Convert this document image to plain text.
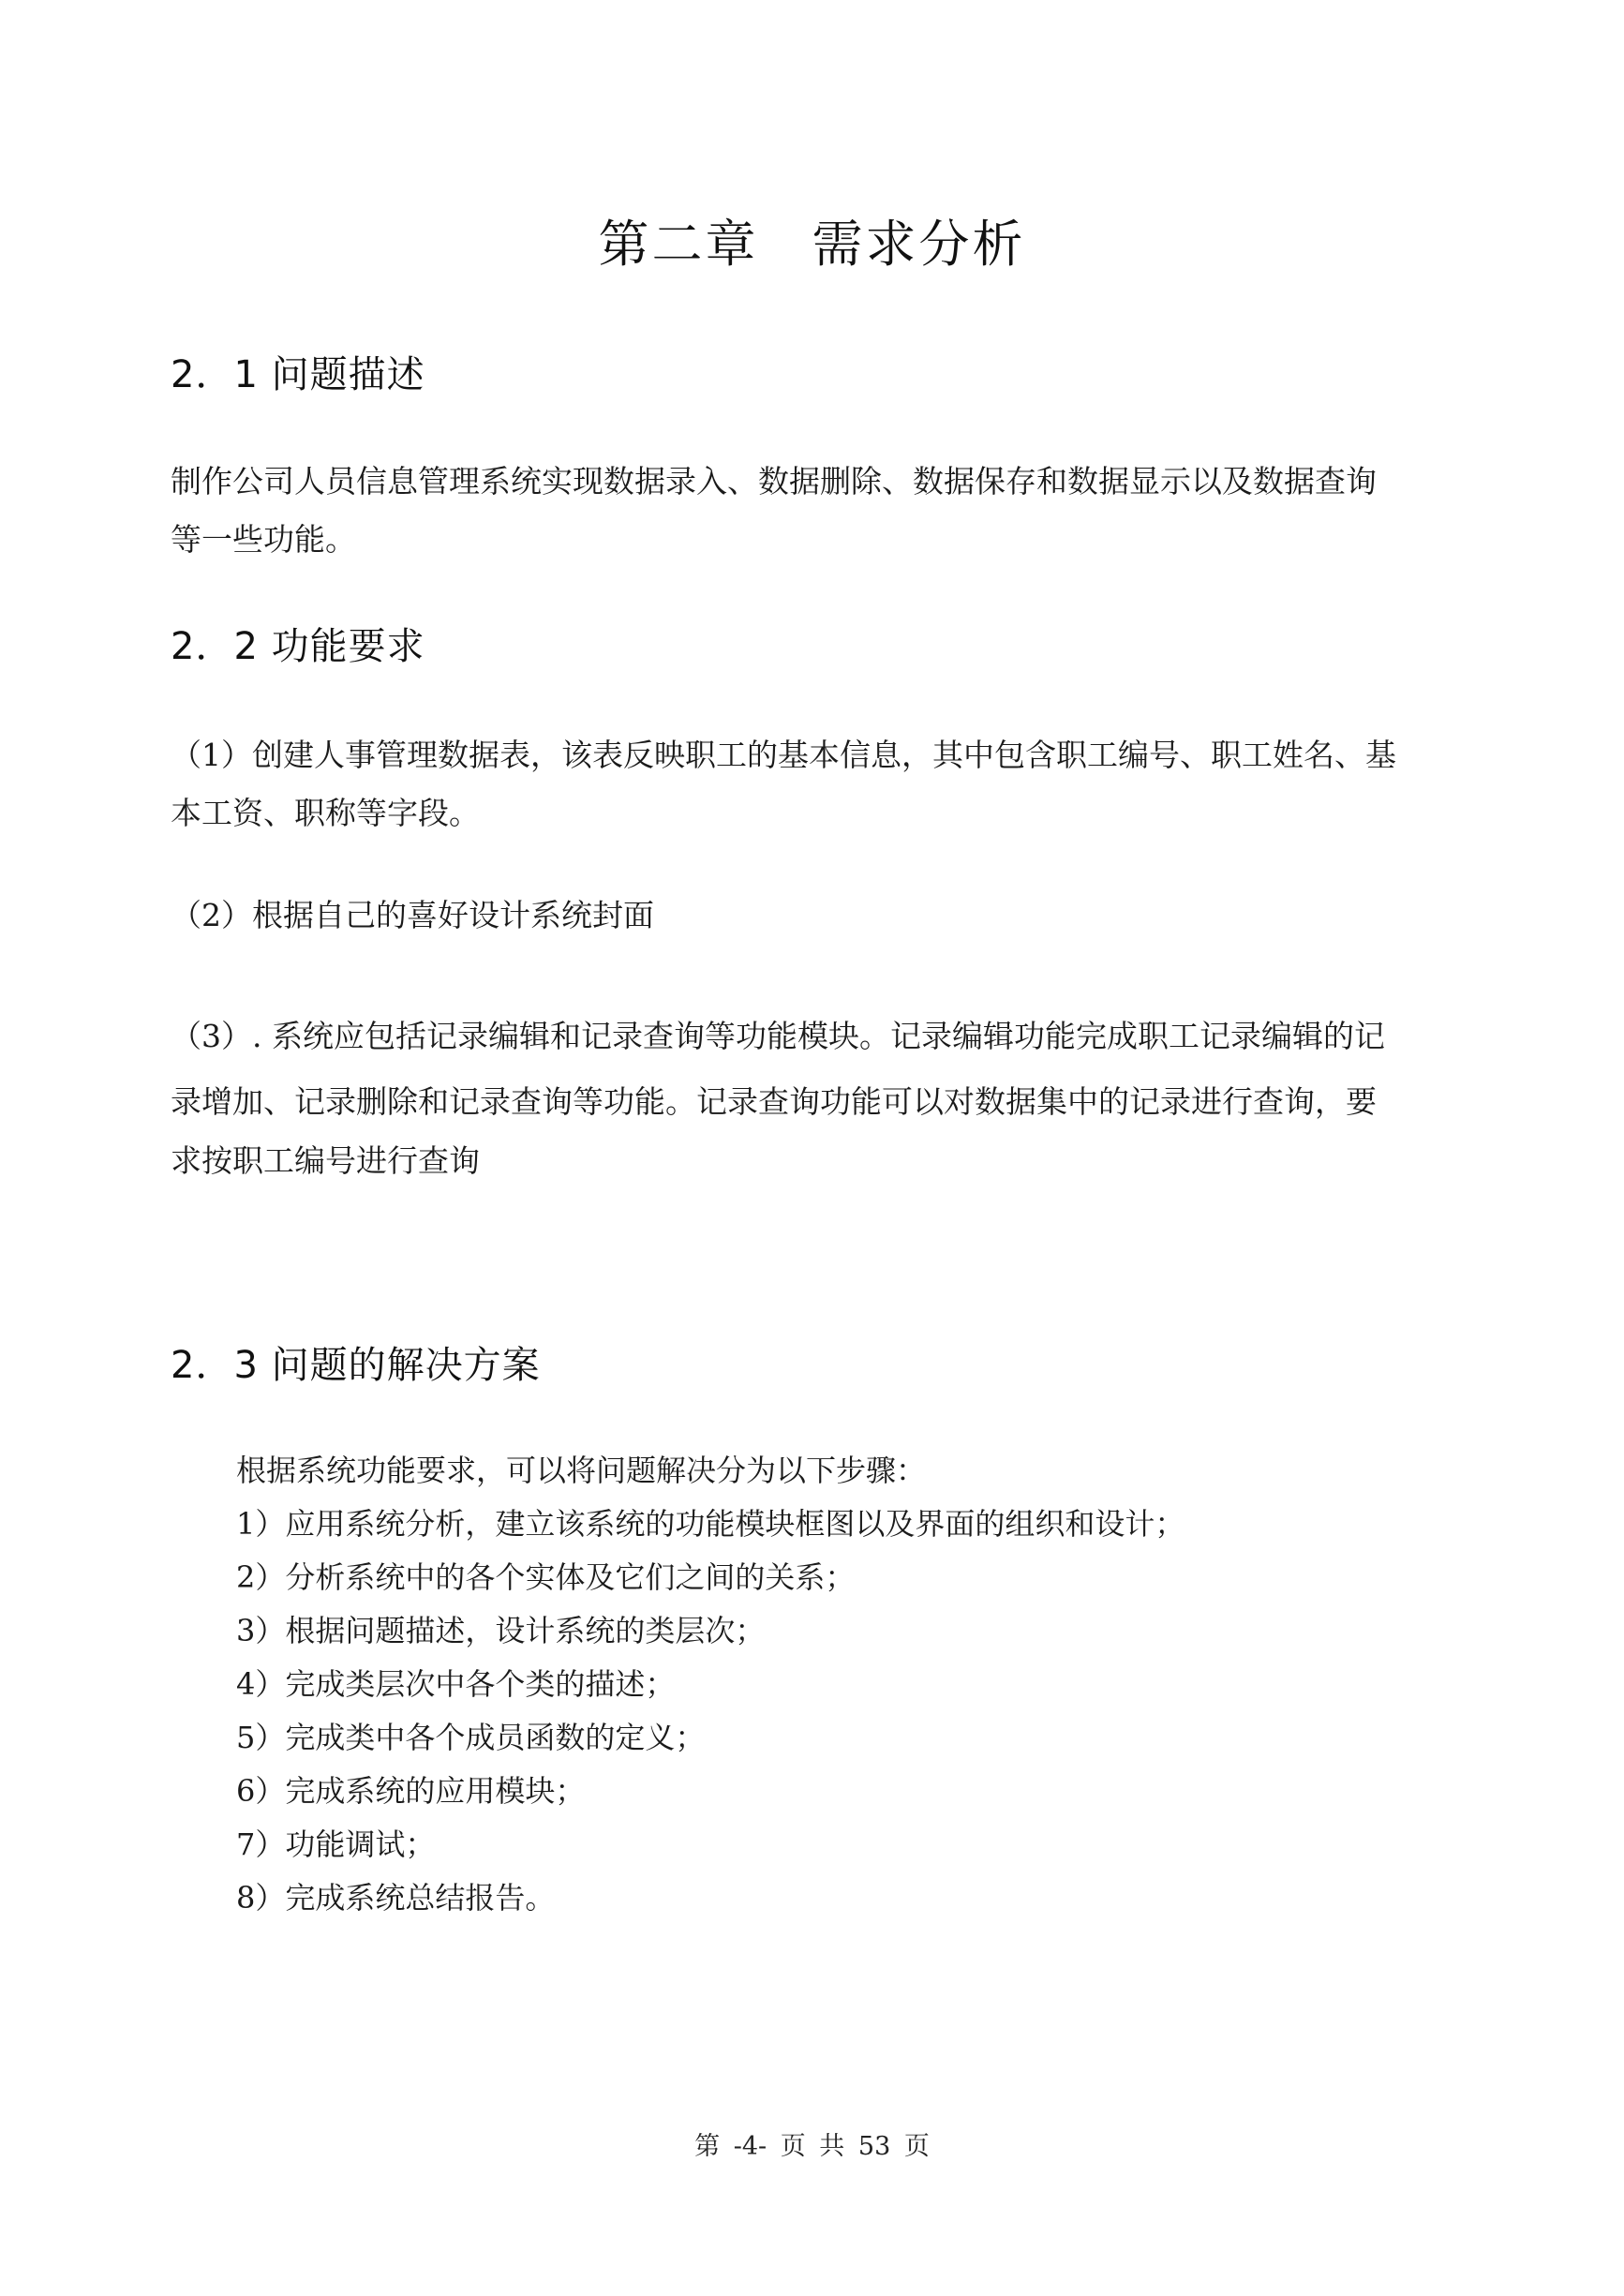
第二章　需求分析
2．1 问题描述
制作公司人员信息管理系统实现数据录入、数据删除、数据保存和数据显示以及数据查询
等一些功能。
2．2 功能要求
（1）创建人事管理数据表，该表反映职工的基本信息，其中包含职工编号、职工姓名、基
本工资、职称等字段。
（2）根据自己的喜好设计系统封面
（3）. 系统应包括记录编辑和记录查询等功能模块。记录编辑功能完成职工记录编辑的记
录增加、记录删除和记录查询等功能。记录查询功能可以对数据集中的记录进行查询，要
求按职工编号进行查询
2．3 问题的解决方案
根据系统功能要求，可以将问题解决分为以下步骤：
1）应用系统分析，建立该系统的功能模块框图以及界面的组织和设计；
2）分析系统中的各个实体及它们之间的关系；
3）根据问题描述，设计系统的类层次；
4）完成类层次中各个类的描述；
5）完成类中各个成员函数的定义；
6）完成系统的应用模块；
7）功能调试；
8）完成系统总结报告。
第 -4- 页 共 53 页
